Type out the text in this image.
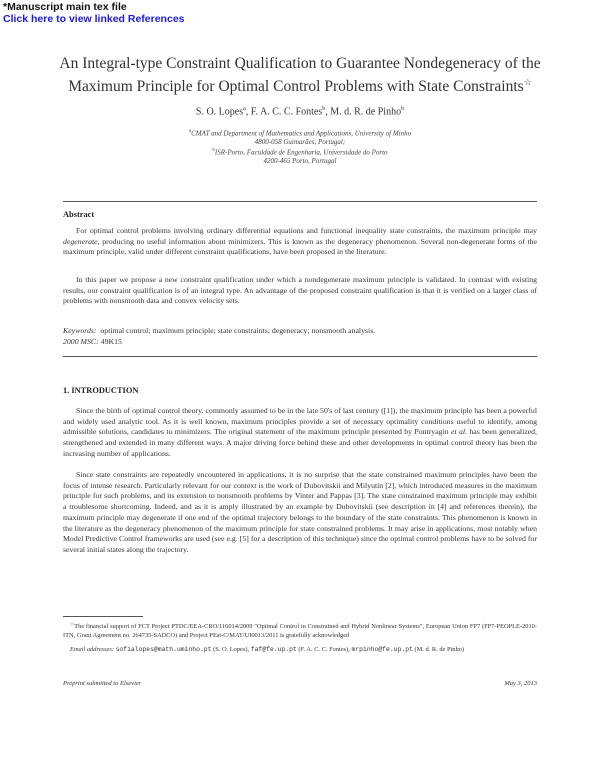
*Manuscript main tex file
Click here to view linked References
An Integral-type Constraint Qualification to Guarantee Nondegeneracy of the
Maximum Principle for Optimal Control Problems with State Constraints☆
S. O. Lopes$^a$, F. A. C. C. Fontes$^b$, M. d. R. de Pinho$^b$
$^a$CMAT and Department of Mathematics and Applications, University of Minho
4800-058 Guimarães, Portugal;
$^b$ISR-Porto, Faculdade de Engenharia, Universidade do Porto
4200-465 Porto, Portugal
Abstract

For optimal control problems involving ordinary differential equations and functional inequality state constraints, the maximum principle may degenerate, producing no useful information about minimizers. This is known as the degeneracy phenomenon. Several non-degenerate forms of the maximum principle, valid under different constraint qualifications, have been proposed in the literature.

In this paper we propose a new constraint qualification under which a nondegenerate maximum principle is validated. In contrast with existing results, our constraint qualification is of an integral type. An advantage of the proposed constraint qualification is that it is verified on a larger class of problems with nonsmooth data and convex velocity sets.

Keywords: optimal control; maximum principle; state constraints; degeneracy; nonsmooth analysis.
2000 MSC: 49K15
1. INTRODUCTION

Since the birth of optimal control theory, commonly assumed to be in the late 50's of last century ([1]), the maximum principle has been a powerful and widely used analytic tool. As it is well known, maximum principles provide a set of necessary optimality conditions useful to identify, among admissible solutions, candidates to minimizers. The original statement of the maximum principle presented by Pontryagin et al. has been generalized, strengthened and extended in many different ways. A major driving force behind these and other developments in optimal control theory has been the increasing number of applications.

Since state constraints are repeatedly encountered in applications, it is no surprise that the state constrained maximum principles have been the focus of intense research. Particularly relevant for our context is the work of Dubovitskii and Milyutin [2], which introduced measures in the maximum principle for such problems, and its extension to nonsmooth problems by Vinter and Pappas [3]. The state constrained maximum principle may exhibit a troublesome shortcoming. Indeed, and as it is amply illustrated by an example by Dubovitskii (see description in [4] and references therein), the maximum principle may degenerate if one end of the optimal trajectory belongs to the boundary of the state constraints. This phenomenon is known in the literature as the degeneracy phenomenon of the maximum principle for state constrained problems. It may arise in applications, most notably when Model Predictive Control frameworks are used (see e.g. [5] for a description of this technique) since the optimal control problems have to be solved for several initial states along the trajectory.

☆The financial support of FCT Project PTDC/EEA-CRO/116014/2009 "Optimal Control in Constrained and Hybrid Nonlinear Systems", European Union FP7 (FP7-PEOPLE-2010-ITN, Grant Agreement no. 264735-SADCO) and Project PEst-C/MAT/UI0013/2011 is gratefully acknowledged

Email addresses: sofialopes@math.uminho.pt (S. O. Lopes), faf@fe.up.pt (F. A. C. C. Fontes), mrpinho@fe.up.pt (M. d. R. de Pinho)

Preprint submitted to Elsevier	May 3, 2013
